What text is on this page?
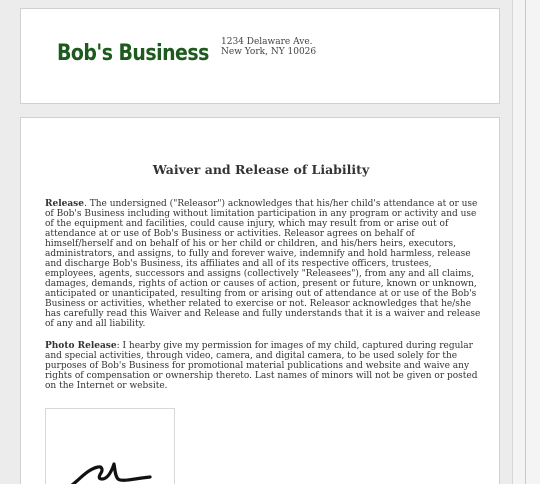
Bob's Business 1234 Delaware Ave.
New York, NY 10026
Waiver and Release of Liability

Release. The undersigned ("Releasor") acknowledges that his/her child's attendance at or use of Bob's Business including without limitation participation in any program or activity and use of the equipment and facilities, could cause injury, which may result from or arise out of attendance at or use of Bob's Business or activities. Releasor agrees on behalf of himself/herself and on behalf of his or her child or children, and his/hers heirs, executors, administrators, and assigns, to fully and forever waive, indemnify and hold harmless, release and discharge Bob's Business, its affiliates and all of its respective officers, trustees, employees, agents, successors and assigns (collectively "Releasees"), from any and all claims, damages, demands, rights of action or causes of action, present or future, known or unknown, anticipated or unanticipated, resulting from or arising out of attendance at or use of the Bob's Business or activities, whether related to exercise or not. Releasor acknowledges that he/she has carefully read this Waiver and Release and fully understands that it is a waiver and release of any and all liability.

Photo Release: I hearby give my permission for images of my child, captured during regular and special activities, through video, camera, and digital camera, to be used solely for the purposes of Bob's Business for promotional material publications and website and waive any rights of compensation or ownership thereto. Last names of minors will not be given or posted on the Internet or website.
